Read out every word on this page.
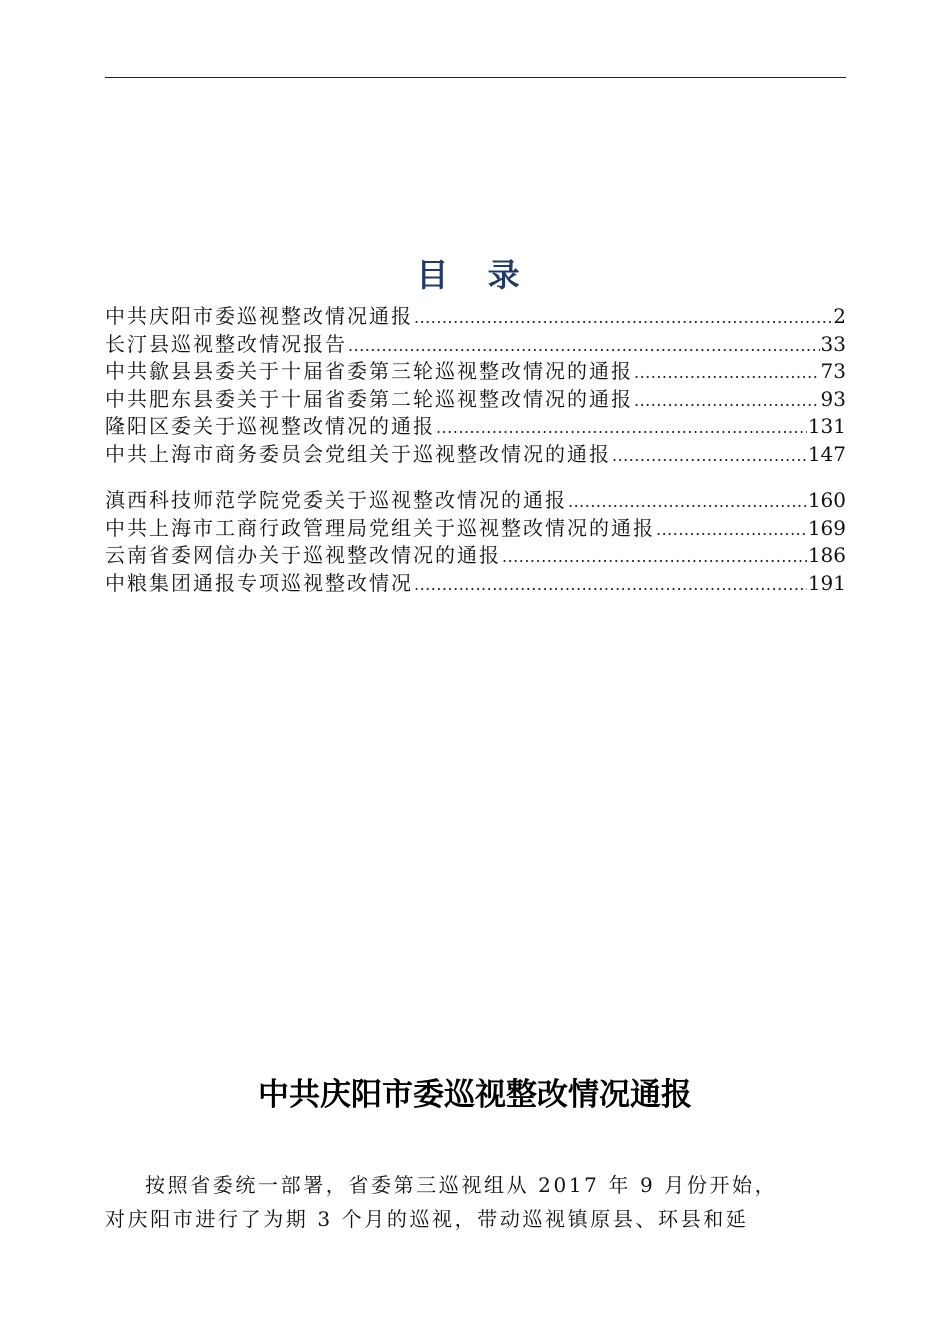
目 录
中共庆阳市委巡视整改情况通报 .....	2
长汀县巡视整改情况报告 .....	33
中共歙县县委关于十届省委第三轮巡视整改情况的通报 .....	73
中共肥东县委关于十届省委第二轮巡视整改情况的通报 .....	93
隆阳区委关于巡视整改情况的通报 .....	131
中共上海市商务委员会党组关于巡视整改情况的通报 .....	147
滇西科技师范学院党委关于巡视整改情况的通报 .....	160
中共上海市工商行政管理局党组关于巡视整改情况的通报 .....	169
云南省委网信办关于巡视整改情况的通报 .....	186
中粮集团通报专项巡视整改情况 .....	191
中共庆阳市委巡视整改情况通报
按照省委统一部署，省委第三巡视组从 2017 年 9 月份开始，
对庆阳市进行了为期 3 个月的巡视，带动巡视镇原县、环县和延
